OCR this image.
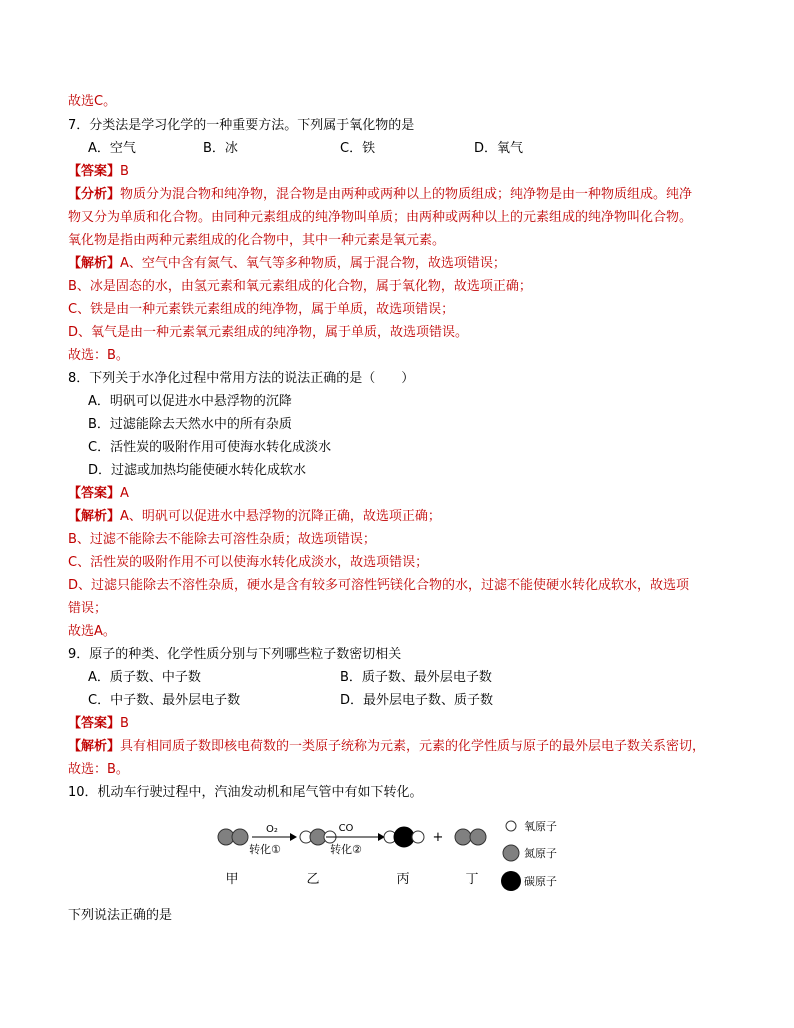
故选C。
7．分类法是学习化学的一种重要方法。下列属于氧化物的是
A．空气	B．冰	C．铁	D．氧气
【答案】B
【分析】物质分为混合物和纯净物，混合物是由两种或两种以上的物质组成；纯净物是由一种物质组成。纯净
物又分为单质和化合物。由同种元素组成的纯净物叫单质；由两种或两种以上的元素组成的纯净物叫化合物。
氧化物是指由两种元素组成的化合物中，其中一种元素是氧元素。
【解析】A、空气中含有氮气、氧气等多种物质，属于混合物，故选项错误；
B、冰是固态的水，由氢元素和氧元素组成的化合物，属于氧化物，故选项正确；
C、铁是由一种元素铁元素组成的纯净物，属于单质，故选项错误；
D、氧气是由一种元素氧元素组成的纯净物，属于单质，故选项错误。
故选：B。
8．下列关于水净化过程中常用方法的说法正确的是（　　）
A．明矾可以促进水中悬浮物的沉降
B．过滤能除去天然水中的所有杂质
C．活性炭的吸附作用可使海水转化成淡水
D．过滤或加热均能使硬水转化成软水
【答案】A
【解析】A、明矾可以促进水中悬浮物的沉降正确，故选项正确；
B、过滤不能除去不能除去可溶性杂质；故选项错误；
C、活性炭的吸附作用不可以使海水转化成淡水，故选项错误；
D、过滤只能除去不溶性杂质，硬水是含有较多可溶性钙镁化合物的水，过滤不能使硬水转化成软水，故选项
错误；
故选A。
9．原子的种类、化学性质分别与下列哪些粒子数密切相关
A．质子数、中子数	B．质子数、最外层电子数
C．中子数、最外层电子数	D．最外层电子数、质子数
【答案】B
【解析】具有相同质子数即核电荷数的一类原子统称为元素，元素的化学性质与原子的最外层电子数关系密切，
故选：B。
10．机动车行驶过程中，汽油发动机和尾气管中有如下转化。
O₂
转化①
CO
转化②
+
甲	乙	丙	丁
氧原子
氮原子
碳原子
下列说法正确的是
